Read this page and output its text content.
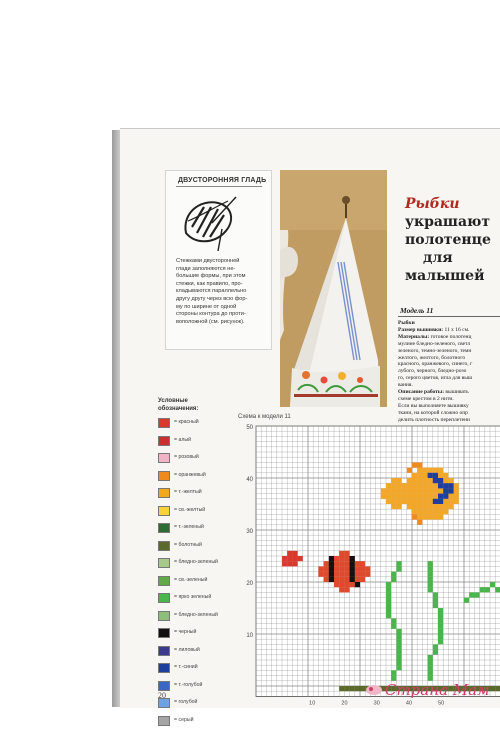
ДВУСТОРОННЯЯ ГЛАДЬ
Стежками двусторонней
глади заполняются не-
большие формы, при этом
стежки, как правило, про-
кладываются параллельно
другу другу через всю фор-
му по ширине от одной
стороны контура до проти-
воположной (см. рисунок).
Рыбки
украшают
полотенце
для
малышей
Модель 11
Рыбки
Размер вышивки: 11 x 16 см.
Материалы: готовое полотенц
мулине бледно-зеленого, светл
зеленого, темно-зеленого, темн
желтого, желтого, болотного
красного, оранжевого, синего, г
лубого, черного, бледно-розо
го, серого цветов, игла для выш
вания.
Описание работы: вышивать
схеме крестом в 2 нити.
Если вы выполняете вышивку
ткани, на которой сложно опр
делить плотность переплетени
Условные
обозначения:
= красный
= алый
= розовый
= оранжевый
= т.-желтый
= св.-желтый
= т.-зеленый
= болотный
= бледно-зеленый
= св.-зеленый
= ярко зеленый
= бледно-зеленый
= черный
= лиловый
= т.-синий
= т.-голубой
= голубой
= серый
Схема к модели 11
50
40
30
20
10
10	20	30	40	50
20	Страна Мам
